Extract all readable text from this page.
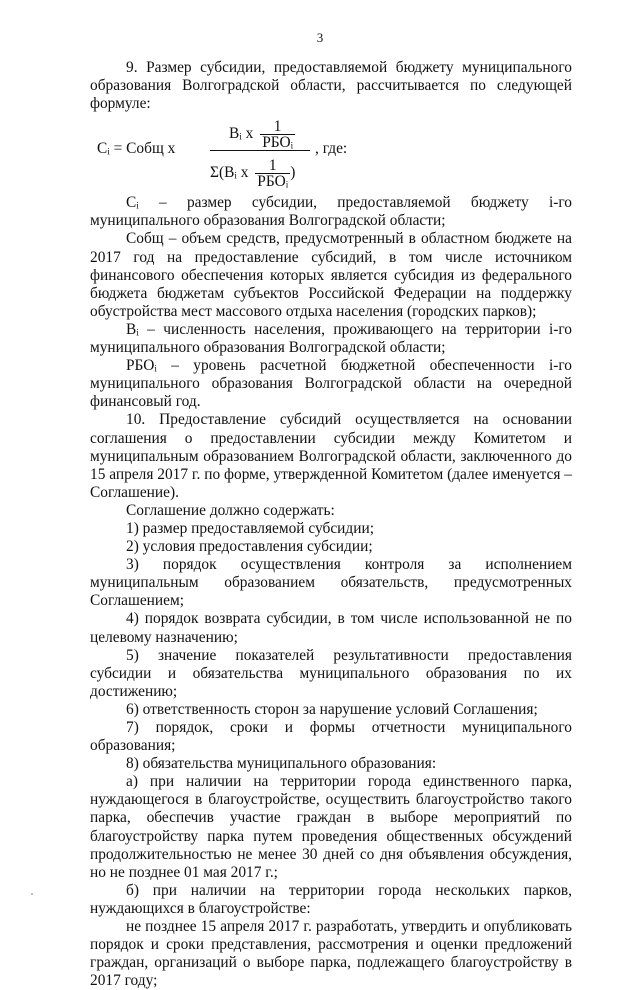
3

9. Размер субсидии, предоставляемой бюджету муниципального образования Волгоградской области, рассчитывается по следующей формуле:

Cᵢ = Cобщ x
Bᵢ x $\frac{1}{\text{РБОᵢ}}$
Σ(Bᵢ x $\frac{1}{\text{РБОᵢ}}$ )
, где:

Cᵢ – размер субсидии, предоставляемой бюджету i-го муниципального образования Волгоградской области;

Собщ – объем средств, предусмотренный в областном бюджете на 2017 год на предоставление субсидий, в том числе источником финансового обеспечения которых является субсидия из федерального бюджета бюджетам субъектов Российской Федерации на поддержку обустройства мест массового отдыха населения (городских парков);

Bᵢ – численность населения, проживающего на территории i-го муниципального образования Волгоградской области;

РБОᵢ – уровень расчетной бюджетной обеспеченности i-го муниципального образования Волгоградской области на очередной финансовый год.

10. Предоставление субсидий осуществляется на основании соглашения о предоставлении субсидии между Комитетом и муниципальным образованием Волгоградской области, заключенного до 15 апреля 2017 г. по форме, утвержденной Комитетом (далее именуется – Соглашение).

Соглашение должно содержать:

1) размер предоставляемой субсидии;

2) условия предоставления субсидии;

3) порядок осуществления контроля за исполнением муниципальным образованием обязательств, предусмотренных Соглашением;

4) порядок возврата субсидии, в том числе использованной не по целевому назначению;

5) значение показателей результативности предоставления субсидии и обязательства муниципального образования по их достижению;

6) ответственность сторон за нарушение условий Соглашения;

7) порядок, сроки и формы отчетности муниципального образования;

8) обязательства муниципального образования:

а) при наличии на территории города единственного парка, нуждающегося в благоустройстве, осуществить благоустройство такого парка, обеспечив участие граждан в выборе мероприятий по благоустройству парка путем проведения общественных обсуждений продолжительностью не менее 30 дней со дня объявления обсуждения, но не позднее 01 мая 2017 г.;

б) при наличии на территории города нескольких парков, нуждающихся в благоустройстве:

не позднее 15 апреля 2017 г. разработать, утвердить и опубликовать порядок и сроки представления, рассмотрения и оценки предложений граждан, организаций о выборе парка, подлежащего благоустройству в 2017 году;
